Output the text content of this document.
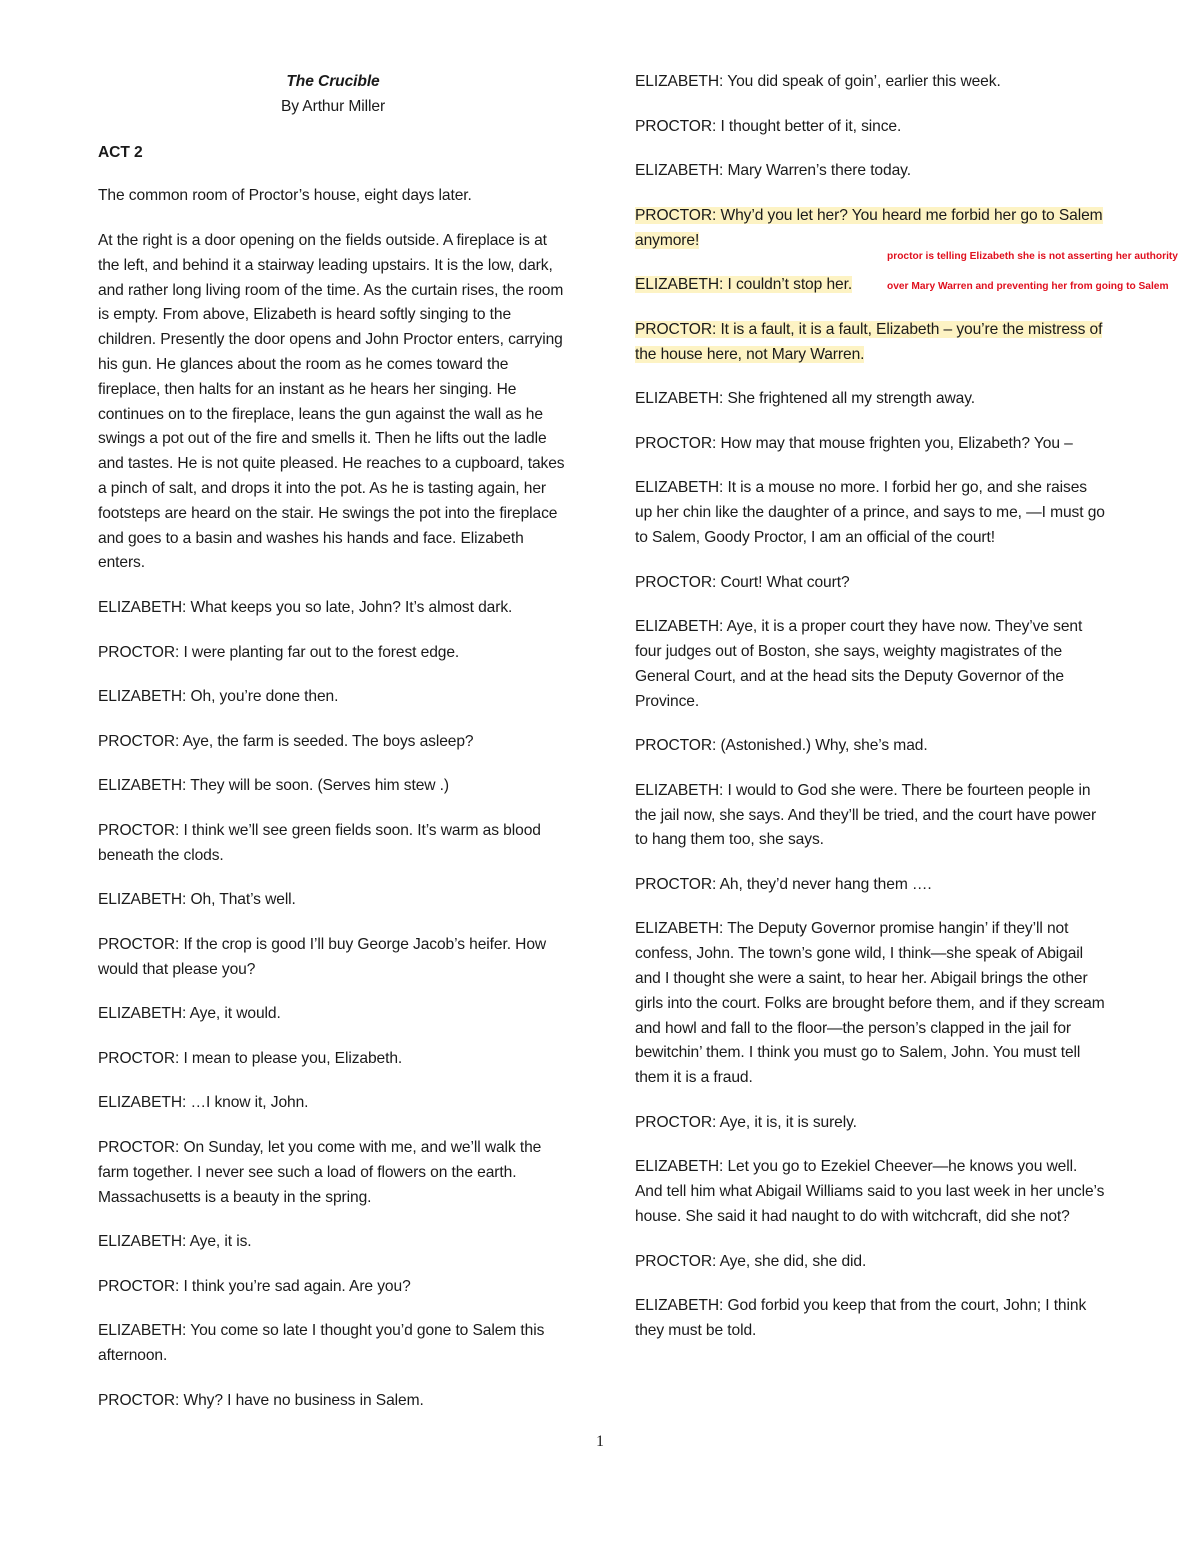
The Crucible
By Arthur Miller
ACT 2

The common room of Proctor’s house, eight days later.

At the right is a door opening on the fields outside. A fireplace is at the left, and behind it a stairway leading upstairs. It is the low, dark, and rather long living room of the time. As the curtain rises, the room is empty. From above, Elizabeth is heard softly singing to the children. Presently the door opens and John Proctor enters, carrying his gun. He glances about the room as he comes toward the fireplace, then halts for an instant as he hears her singing. He continues on to the fireplace, leans the gun against the wall as he swings a pot out of the fire and smells it. Then he lifts out the ladle and tastes. He is not quite pleased. He reaches to a cupboard, takes a pinch of salt, and drops it into the pot. As he is tasting again, her footsteps are heard on the stair. He swings the pot into the fireplace and goes to a basin and washes his hands and face. Elizabeth enters.

ELIZABETH: What keeps you so late, John? It’s almost dark.

PROCTOR: I were planting far out to the forest edge.

ELIZABETH: Oh, you’re done then.

PROCTOR: Aye, the farm is seeded. The boys asleep?

ELIZABETH: They will be soon. (Serves him stew .)

PROCTOR: I think we’ll see green fields soon. It’s warm as blood beneath the clods.

ELIZABETH: Oh, That’s well.

PROCTOR: If the crop is good I’ll buy George Jacob’s heifer. How would that please you?

ELIZABETH: Aye, it would.

PROCTOR: I mean to please you, Elizabeth.

ELIZABETH: …I know it, John.

PROCTOR: On Sunday, let you come with me, and we’ll walk the farm together. I never see such a load of flowers on the earth. Massachusetts is a beauty in the spring.

ELIZABETH: Aye, it is.

PROCTOR: I think you’re sad again. Are you?

ELIZABETH: You come so late I thought you’d gone to Salem this afternoon.

PROCTOR: Why? I have no business in Salem.

ELIZABETH: You did speak of goin’, earlier this week.

PROCTOR: I thought better of it, since.

ELIZABETH: Mary Warren’s there today.

PROCTOR: Why’d you let her? You heard me forbid her go to Salem anymore!

ELIZABETH: I couldn’t stop her.

PROCTOR: It is a fault, it is a fault, Elizabeth – you’re the mistress of the house here, not Mary Warren.

ELIZABETH: She frightened all my strength away.

PROCTOR: How may that mouse frighten you, Elizabeth? You –

ELIZABETH: It is a mouse no more. I forbid her go, and she raises up her chin like the daughter of a prince, and says to me, —I must go to Salem, Goody Proctor, I am an official of the court!

PROCTOR: Court! What court?

ELIZABETH: Aye, it is a proper court they have now. They’ve sent four judges out of Boston, she says, weighty magistrates of the General Court, and at the head sits the Deputy Governor of the Province.

PROCTOR: (Astonished.) Why, she’s mad.

ELIZABETH: I would to God she were. There be fourteen people in the jail now, she says. And they’ll be tried, and the court have power to hang them too, she says.

PROCTOR: Ah, they’d never hang them ….

ELIZABETH: The Deputy Governor promise hangin’ if they’ll not confess, John. The town’s gone wild, I think—she speak of Abigail and I thought she were a saint, to hear her. Abigail brings the other girls into the court. Folks are brought before them, and if they scream and howl and fall to the floor—the person’s clapped in the jail for bewitchin’ them. I think you must go to Salem, John. You must tell them it is a fraud.

PROCTOR: Aye, it is, it is surely.

ELIZABETH: Let you go to Ezekiel Cheever—he knows you well. And tell him what Abigail Williams said to you last week in her uncle’s house. She said it had naught to do with witchcraft, did she not?

PROCTOR: Aye, she did, she did.

ELIZABETH: God forbid you keep that from the court, John; I think they must be told.

proctor is telling Elizabeth she is not asserting her authority over Mary Warren and preventing her from going to Salem
1
